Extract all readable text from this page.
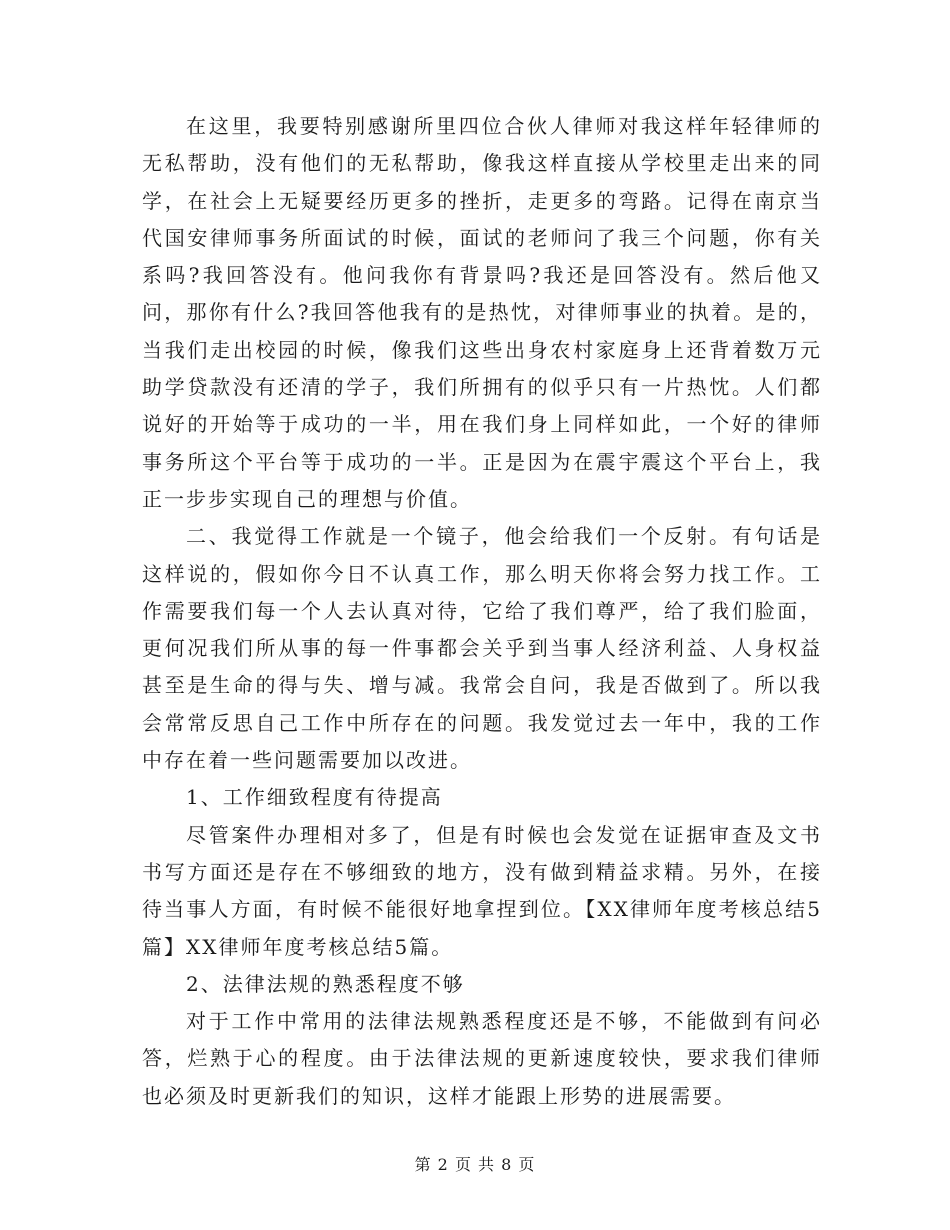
在这里，我要特别感谢所里四位合伙人律师对我这样年轻律师的无私帮助，没有他们的无私帮助，像我这样直接从学校里走出来的同学，在社会上无疑要经历更多的挫折，走更多的弯路。记得在南京当代国安律师事务所面试的时候，面试的老师问了我三个问题，你有关系吗?我回答没有。他问我你有背景吗?我还是回答没有。然后他又问，那你有什么?我回答他我有的是热忱，对律师事业的执着。是的，当我们走出校园的时候，像我们这些出身农村家庭身上还背着数万元助学贷款没有还清的学子，我们所拥有的似乎只有一片热忱。人们都说好的开始等于成功的一半，用在我们身上同样如此，一个好的律师事务所这个平台等于成功的一半。正是因为在震宇震这个平台上，我正一步步实现自己的理想与价值。

二、我觉得工作就是一个镜子，他会给我们一个反射。有句话是这样说的，假如你今日不认真工作，那么明天你将会努力找工作。工作需要我们每一个人去认真对待，它给了我们尊严，给了我们脸面，更何况我们所从事的每一件事都会关乎到当事人经济利益、人身权益甚至是生命的得与失、增与减。我常会自问，我是否做到了。所以我会常常反思自己工作中所存在的问题。我发觉过去一年中，我的工作中存在着一些问题需要加以改进。

1、工作细致程度有待提高

尽管案件办理相对多了，但是有时候也会发觉在证据审查及文书书写方面还是存在不够细致的地方，没有做到精益求精。另外，在接待当事人方面，有时候不能很好地拿捏到位。【XX律师年度考核总结5篇】XX律师年度考核总结5篇。

2、法律法规的熟悉程度不够

对于工作中常用的法律法规熟悉程度还是不够，不能做到有问必答，烂熟于心的程度。由于法律法规的更新速度较快，要求我们律师也必须及时更新我们的知识，这样才能跟上形势的进展需要。

第 2 页 共 8 页
